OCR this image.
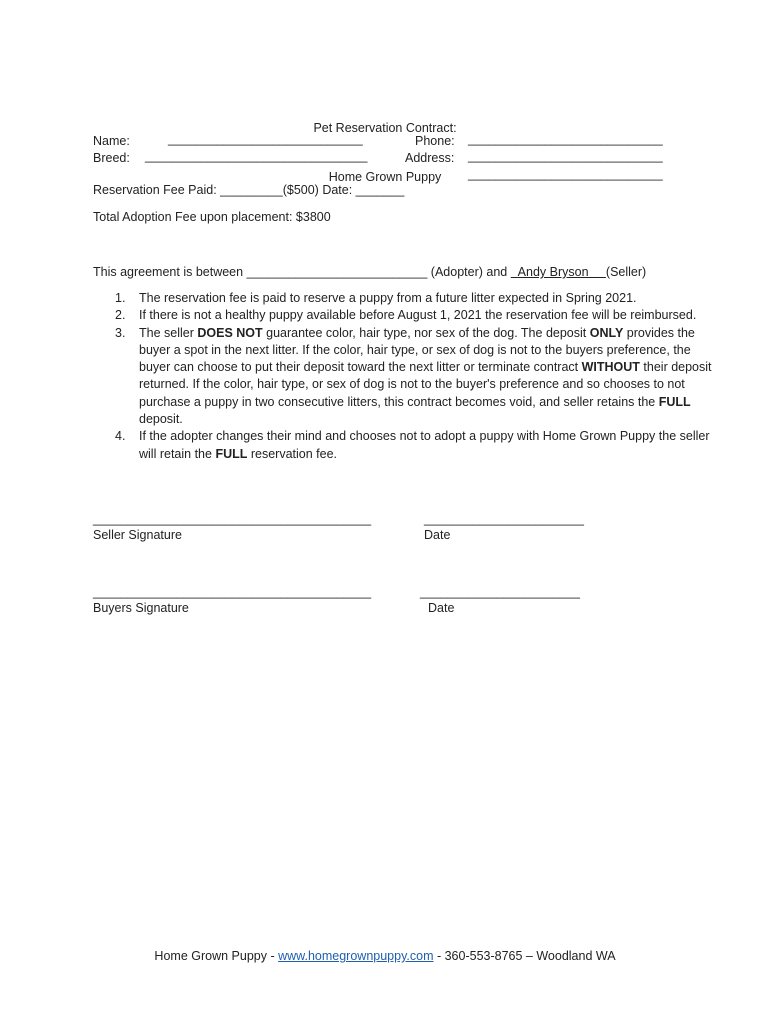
Pet Reservation Contract:

Home Grown Puppy

Name:	____________________________
Breed: ________________________________
Phone: ____________________________
Address: ____________________________
____________________________
Reservation Fee Paid: _________($500) Date: _______
Total Adoption Fee upon placement: $3800
This agreement is between __________________________ (Adopter) and   Andy Bryson (Seller)
1. The reservation fee is paid to reserve a puppy from a future litter expected in Spring 2021.
2. If there is not a healthy puppy available before August 1, 2021 the reservation fee will be reimbursed.
3. The seller DOES NOT guarantee color, hair type, nor sex of the dog. The deposit ONLY provides the buyer a spot in the next litter. If the color, hair type, or sex of dog is not to the buyers preference, the buyer can choose to put their deposit toward the next litter or terminate contract WITHOUT their deposit returned. If the color, hair type, or sex of dog is not to the buyer's preference and so chooses to not purchase a puppy in two consecutive litters, this contract becomes void, and seller retains the FULL deposit.
4. If the adopter changes their mind and chooses not to adopt a puppy with Home Grown Puppy the seller will retain the FULL reservation fee.
________________________________________
Seller Signature
_______________________
Date
________________________________________
Buyers Signature
_______________________
Date
Home Grown Puppy - www.homegrownpuppy.com - 360-553-8765 – Woodland WA
